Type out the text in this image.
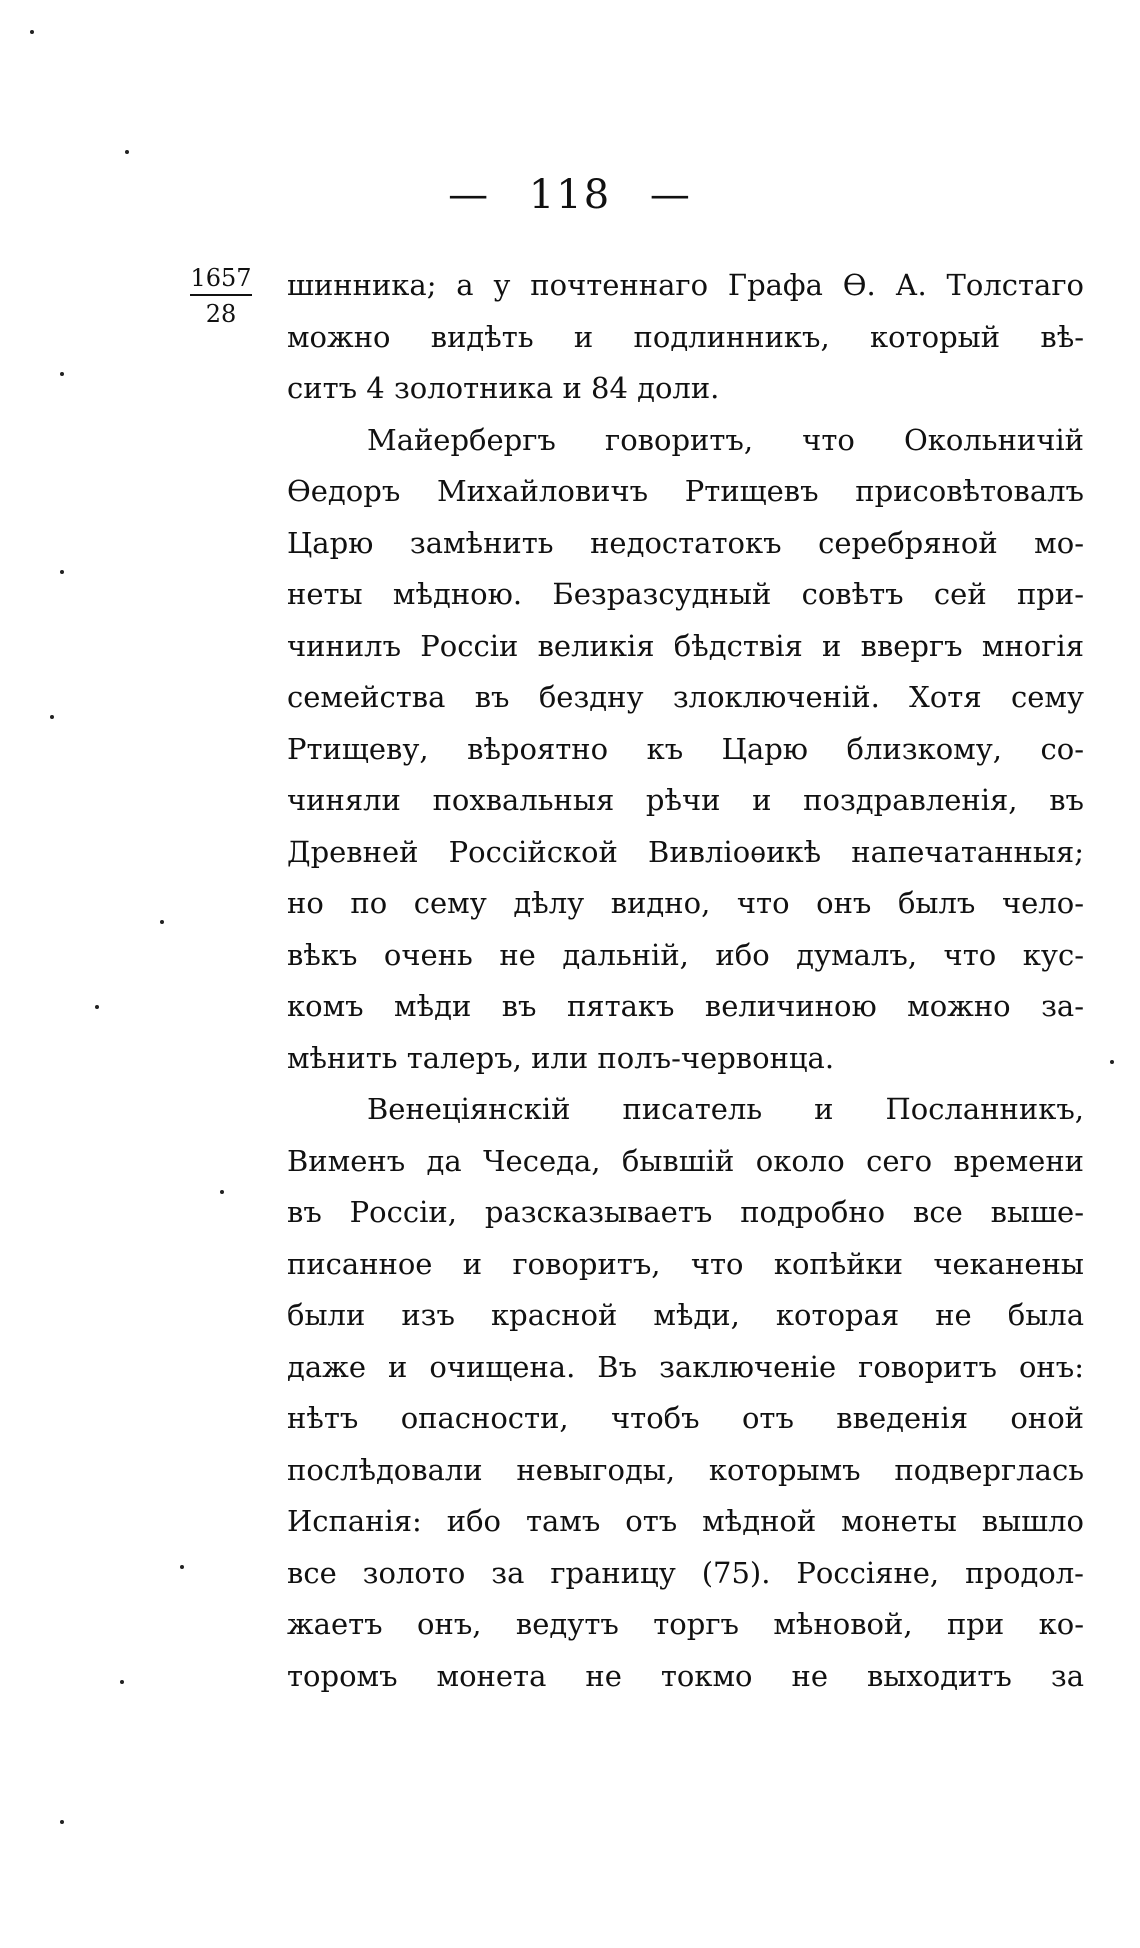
— 118 —
1657
28
шинника; а у почтеннаго Графа Ѳ. А. Толстаго
можно видѣть и подлинникъ, который вѣ-
ситъ 4 золотника и 84 доли.
Майербергъ говоритъ, что Окольничій
Ѳедоръ Михайловичъ Ртищевъ присовѣтовалъ
Царю замѣнить недостатокъ серебряной мо-
неты мѣдною. Безразсудный совѣтъ сей при-
чинилъ Россіи великія бѣдствія и ввергъ многія
семейства въ бездну злоключеній. Хотя сему
Ртищеву, вѣроятно къ Царю близкому, со-
чиняли похвальныя рѣчи и поздравленія, въ
Древней Россійской Вивліоѳикѣ напечатанныя;
но по сему дѣлу видно, что онъ былъ чело-
вѣкъ очень не дальній, ибо думалъ, что кус-
комъ мѣди въ пятакъ величиною можно за-
мѣнить талеръ, или полъ-червонца.
Венеціянскій писатель и Посланникъ,
Вименъ да Чеседа, бывшій около сего времени
въ Россіи, разсказываетъ подробно все выше-
писанное и говоритъ, что копѣйки чеканены
были изъ красной мѣди, которая не была
даже и очищена. Въ заключеніе говоритъ онъ:
нѣтъ опасности, чтобъ отъ введенія оной
послѣдовали невыгоды, которымъ подверглась
Испанія: ибо тамъ отъ мѣдной монеты вышло
все золото за границу (75). Россіяне, продол-
жаетъ онъ, ведутъ торгъ мѣновой, при ко-
торомъ монета не токмо не выходитъ за
